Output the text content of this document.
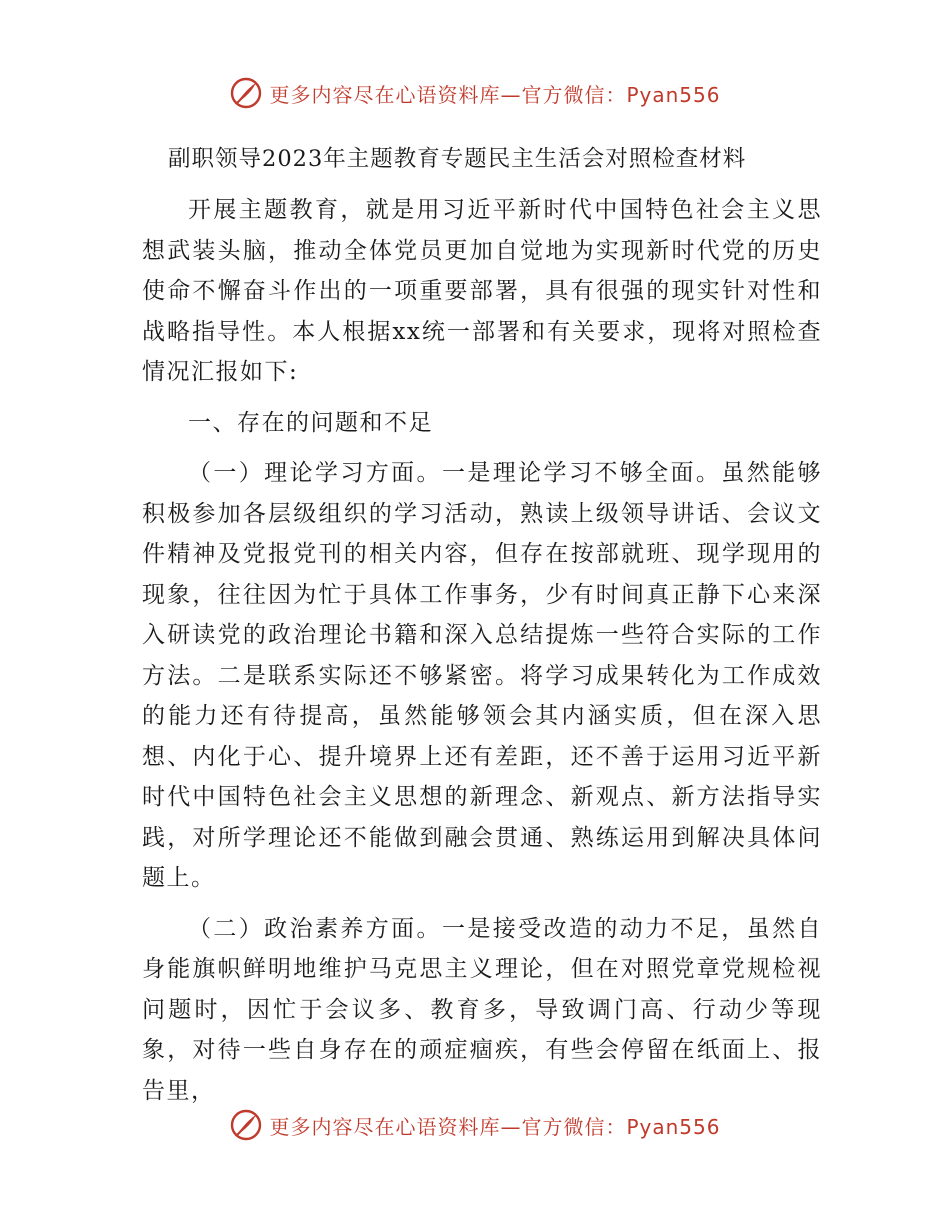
更多内容尽在心语资料库—官方微信：Pyan556
副职领导2023年主题教育专题民主生活会对照检查材料

开展主题教育，就是用习近平新时代中国特色社会主义思想武装头脑，推动全体党员更加自觉地为实现新时代党的历史使命不懈奋斗作出的一项重要部署，具有很强的现实针对性和战略指导性。本人根据xx统一部署和有关要求，现将对照检查情况汇报如下:

一、存在的问题和不足

（一）理论学习方面。一是理论学习不够全面。虽然能够积极参加各层级组织的学习活动，熟读上级领导讲话、会议文件精神及党报党刊的相关内容，但存在按部就班、现学现用的现象，往往因为忙于具体工作事务，少有时间真正静下心来深入研读党的政治理论书籍和深入总结提炼一些符合实际的工作方法。二是联系实际还不够紧密。将学习成果转化为工作成效的能力还有待提高，虽然能够领会其内涵实质，但在深入思想、内化于心、提升境界上还有差距，还不善于运用习近平新时代中国特色社会主义思想的新理念、新观点、新方法指导实践，对所学理论还不能做到融会贯通、熟练运用到解决具体问题上。

（二）政治素养方面。一是接受改造的动力不足，虽然自身能旗帜鲜明地维护马克思主义理论，但在对照党章党规检视问题时，因忙于会议多、教育多，导致调门高、行动少等现象，对待一些自身存在的顽症痼疾，有些会停留在纸面上、报告里，

更多内容尽在心语资料库—官方微信：Pyan556
